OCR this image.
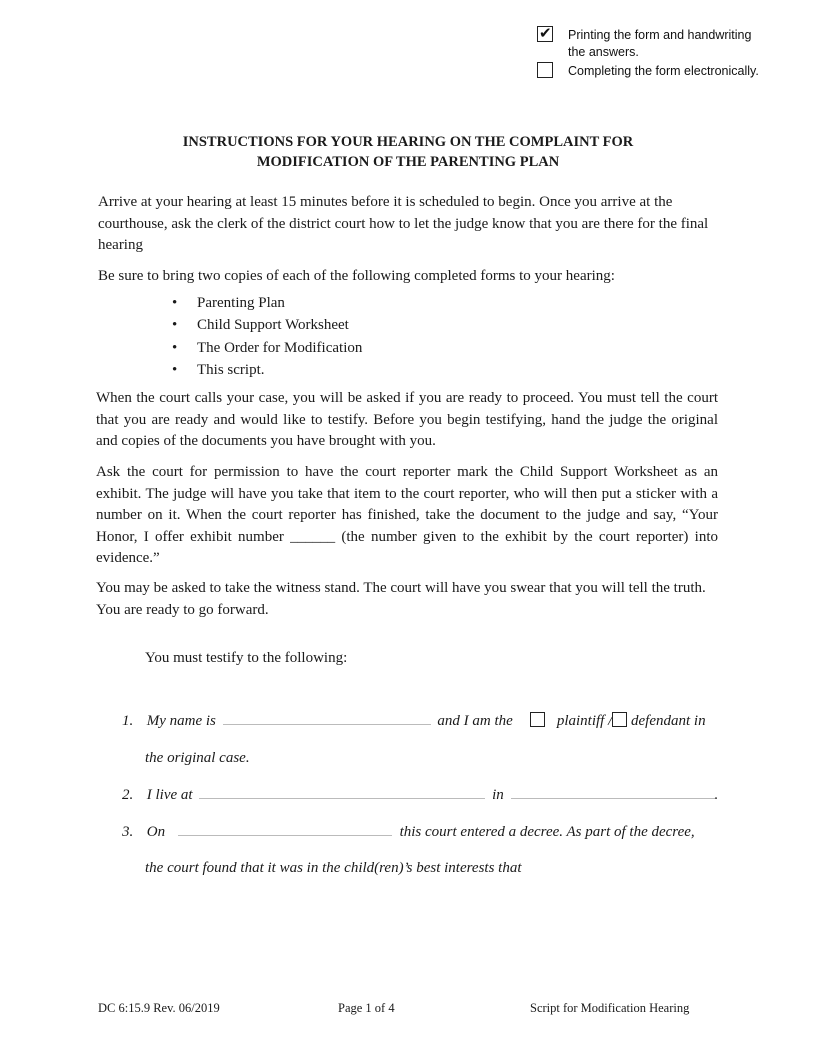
✔ Printing the form and handwriting
the answers.
Completing the form electronically.
INSTRUCTIONS FOR YOUR HEARING ON THE COMPLAINT FOR
MODIFICATION OF THE PARENTING PLAN
Arrive at your hearing at least 15 minutes before it is scheduled to begin. Once you arrive at the courthouse, ask the clerk of the district court how to let the judge know that you are there for the final hearing
Be sure to bring two copies of each of the following completed forms to your hearing:
• Parenting Plan
• Child Support Worksheet
• The Order for Modification
• This script.
When the court calls your case, you will be asked if you are ready to proceed. You must tell the court that you are ready and would like to testify. Before you begin testifying, hand the judge the original and copies of the documents you have brought with you.
Ask the court for permission to have the court reporter mark the Child Support Worksheet as an exhibit. The judge will have you take that item to the court reporter, who will then put a sticker with a number on it. When the court reporter has finished, take the document to the judge and say, “Your Honor, I offer exhibit number ______ (the number given to the exhibit by the court reporter) into evidence.”
You may be asked to take the witness stand. The court will have you swear that you will tell the truth. You are ready to go forward.
You must testify to the following:
1. My name is	and I am the	plaintiff / defendant in
the original case.
2. I live at	in	.
3. On	this court entered a decree. As part of the decree,
the court found that it was in the child(ren)’s best interests that
DC 6:15.9 Rev. 06/2019	Page 1 of 4	Script for Modification Hearing
